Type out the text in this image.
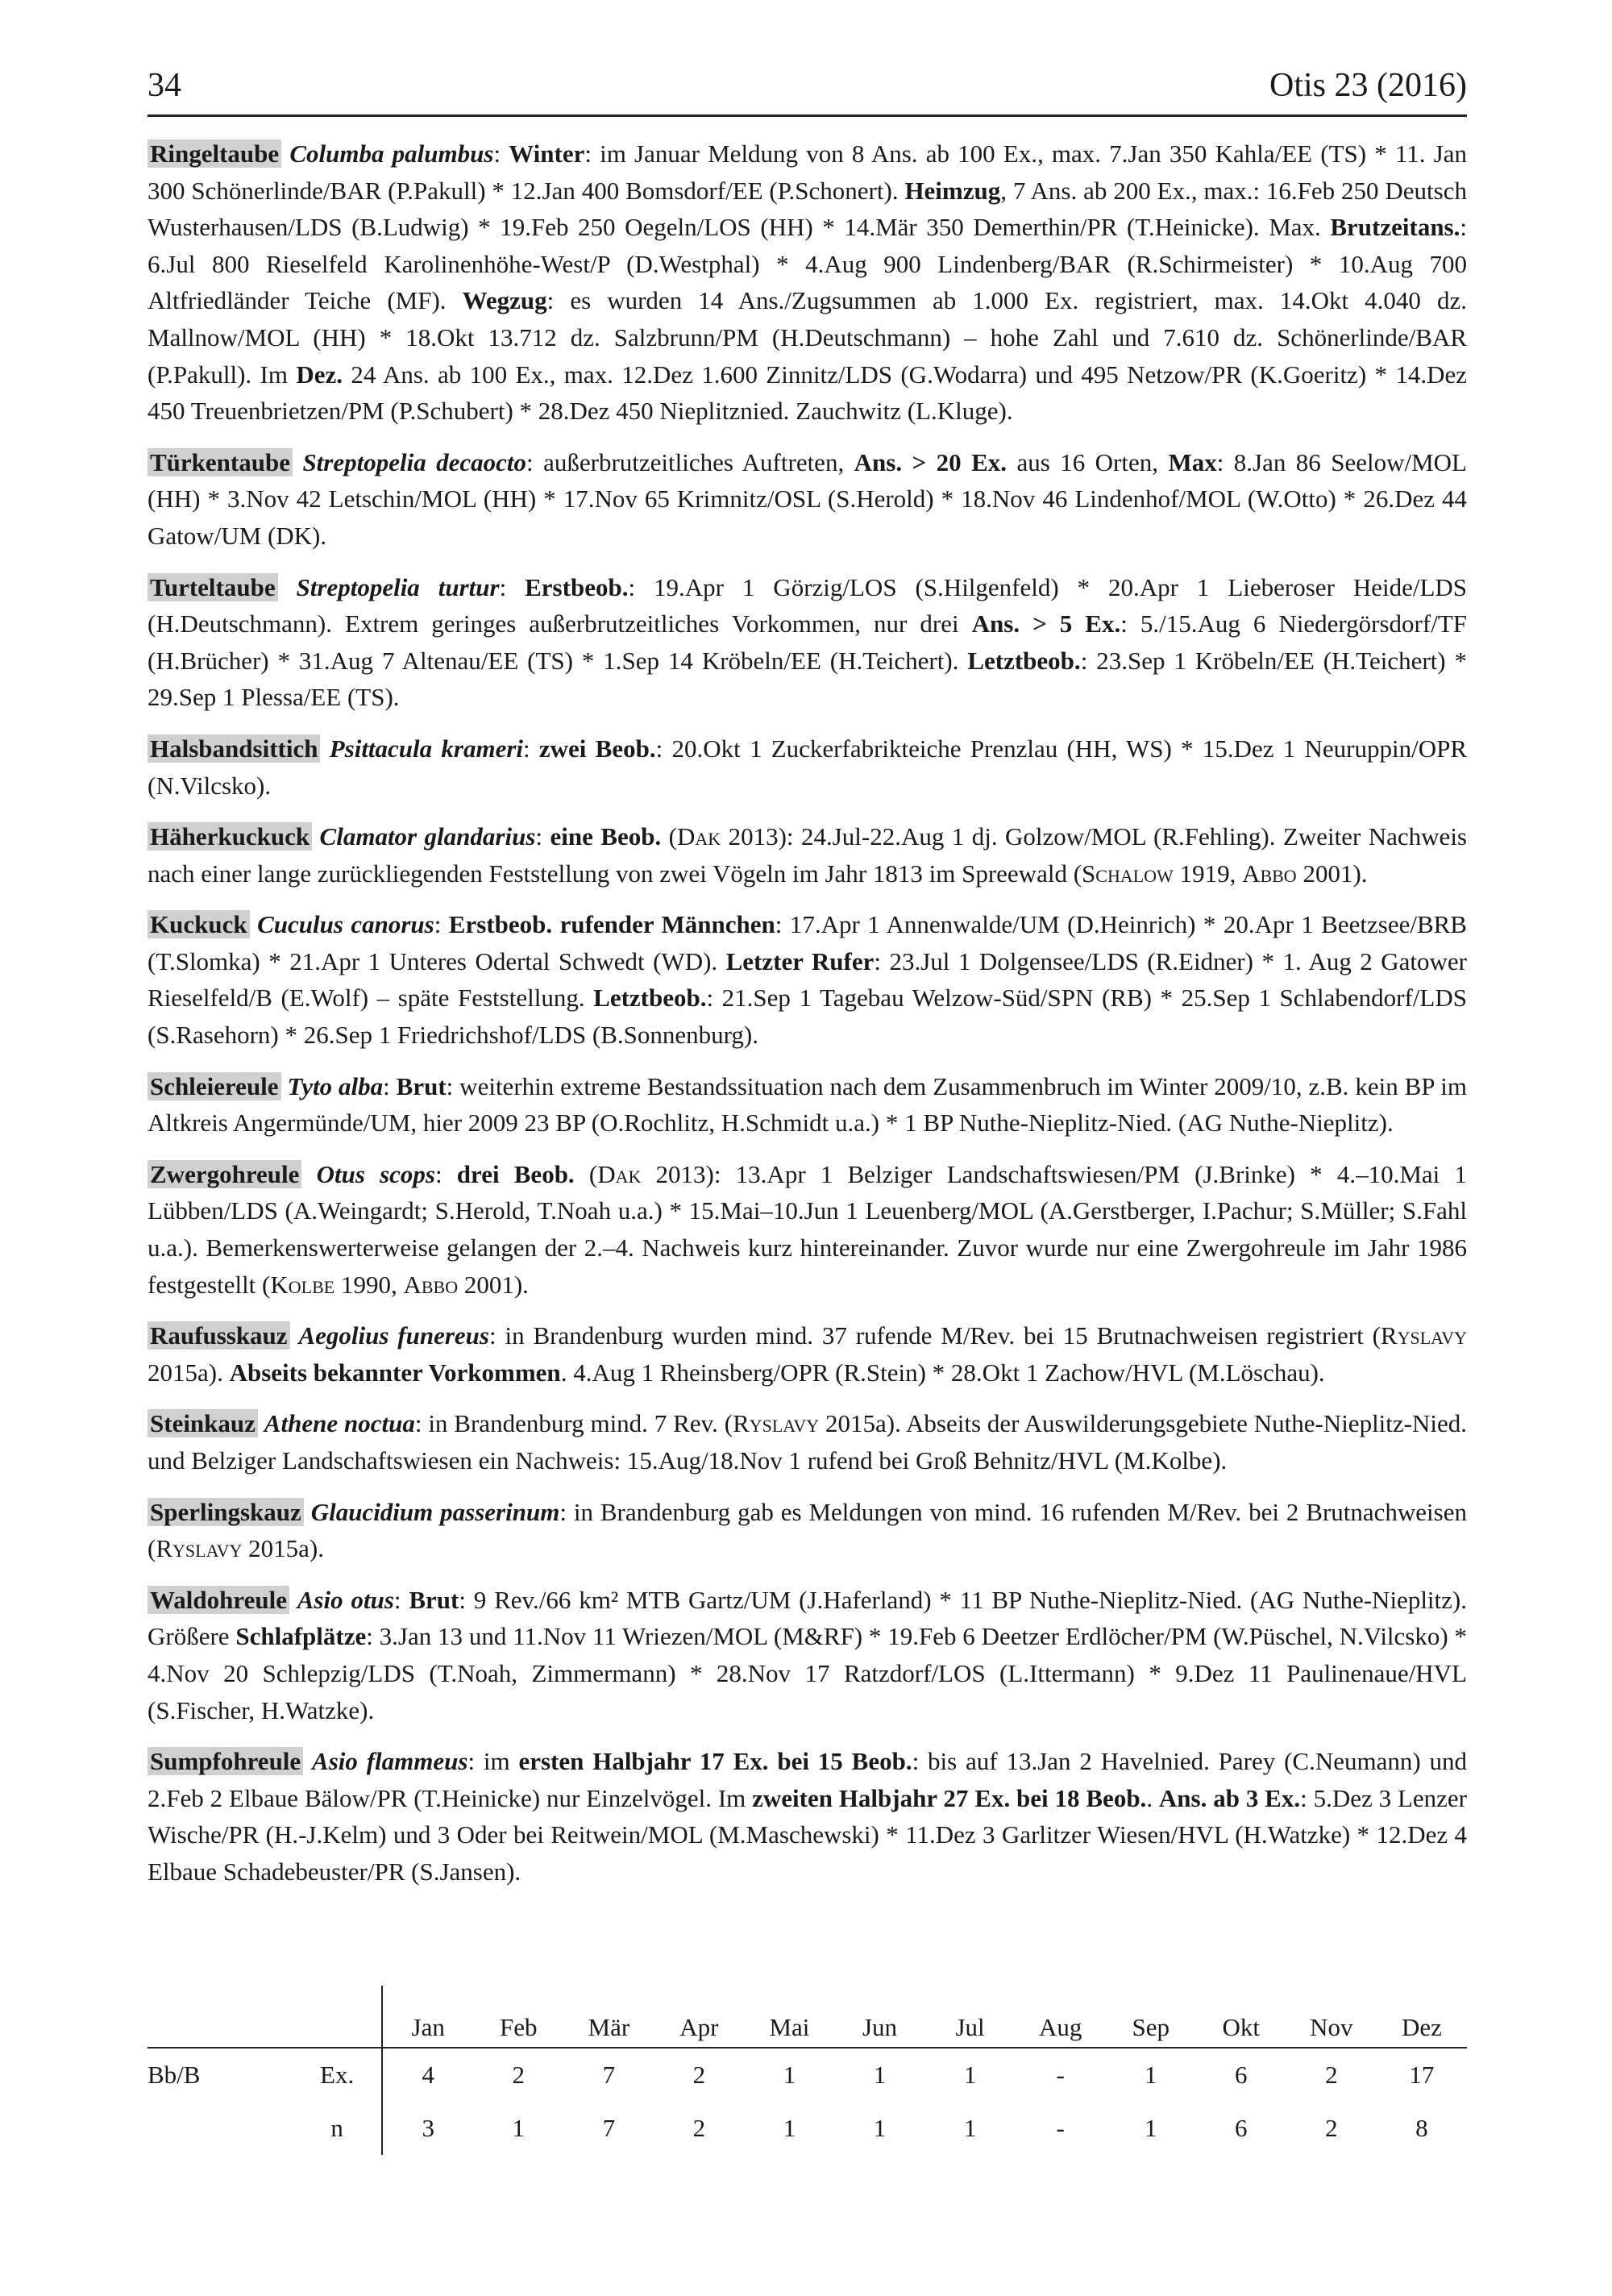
34	Otis 23 (2016)

Ringeltaube Columba palumbus: Winter: im Januar Meldung von 8 Ans. ab 100 Ex., max. 7.Jan 350 Kahla/EE (TS) * 11. Jan 300 Schönerlinde/BAR (P.Pakull) * 12.Jan 400 Bomsdorf/EE (P.Schonert). Heimzug, 7 Ans. ab 200 Ex., max.: 16.Feb 250 Deutsch Wusterhausen/LDS (B.Ludwig) * 19.Feb 250 Oegeln/LOS (HH) * 14.Mär 350 Demerthin/PR (T.Heinicke). Max. Brutzeitans.: 6.Jul 800 Rieselfeld Karolinenhöhe-West/P (D.Westphal) * 4.Aug 900 Lindenberg/BAR (R.Schirmeister) * 10.Aug 700 Altfriedländer Teiche (MF). Wegzug: es wurden 14 Ans./Zugsummen ab 1.000 Ex. registriert, max. 14.Okt 4.040 dz. Mallnow/MOL (HH) * 18.Okt 13.712 dz. Salzbrunn/PM (H.Deutschmann) – hohe Zahl und 7.610 dz. Schönerlinde/BAR (P.Pakull). Im Dez. 24 Ans. ab 100 Ex., max. 12.Dez 1.600 Zinnitz/LDS (G.Wodarra) und 495 Netzow/PR (K.Goeritz) * 14.Dez 450 Treuenbrietzen/PM (P.Schubert) * 28.Dez 450 Nieplitznied. Zauchwitz (L.Kluge).

Türkentaube Streptopelia decaocto: außerbrutzeitliches Auftreten, Ans. > 20 Ex. aus 16 Orten, Max: 8.Jan 86 Seelow/MOL (HH) * 3.Nov 42 Letschin/MOL (HH) * 17.Nov 65 Krimnitz/OSL (S.Herold) * 18.Nov 46 Lindenhof/MOL (W.Otto) * 26.Dez 44 Gatow/UM (DK).

Turteltaube Streptopelia turtur: Erstbeob.: 19.Apr 1 Görzig/LOS (S.Hilgenfeld) * 20.Apr 1 Lieberoser Heide/LDS (H.Deutschmann). Extrem geringes außerbrutzeitliches Vorkommen, nur drei Ans. > 5 Ex.: 5./15.Aug 6 Niedergörsdorf/TF (H.Brücher) * 31.Aug 7 Altenau/EE (TS) * 1.Sep 14 Kröbeln/EE (H.Teichert). Letztbeob.: 23.Sep 1 Kröbeln/EE (H.Teichert) * 29.Sep 1 Plessa/EE (TS).

Halsbandsittich Psittacula krameri: zwei Beob.: 20.Okt 1 Zuckerfabrikteiche Prenzlau (HH, WS) * 15.Dez 1 Neuruppin/OPR (N.Vilcsko).

Häherkuckuck Clamator glandarius: eine Beob. (Dak 2013): 24.Jul-22.Aug 1 dj. Golzow/MOL (R.Fehling). Zweiter Nachweis nach einer lange zurückliegenden Feststellung von zwei Vögeln im Jahr 1813 im Spreewald (Schalow 1919, Abbo 2001).

Kuckuck Cuculus canorus: Erstbeob. rufender Männchen: 17.Apr 1 Annenwalde/UM (D.Heinrich) * 20.Apr 1 Beetzsee/BRB (T.Slomka) * 21.Apr 1 Unteres Odertal Schwedt (WD). Letzter Rufer: 23.Jul 1 Dolgensee/LDS (R.Eidner) * 1. Aug 2 Gatower Rieselfeld/B (E.Wolf) – späte Feststellung. Letztbeob.: 21.Sep 1 Tagebau Welzow-Süd/SPN (RB) * 25.Sep 1 Schlabendorf/LDS (S.Rasehorn) * 26.Sep 1 Friedrichshof/LDS (B.Sonnenburg).

Schleiereule Tyto alba: Brut: weiterhin extreme Bestandssituation nach dem Zusammenbruch im Winter 2009/10, z.B. kein BP im Altkreis Angermünde/UM, hier 2009 23 BP (O.Rochlitz, H.Schmidt u.a.) * 1 BP Nuthe-Nieplitz-Nied. (AG Nuthe-Nieplitz).

Zwergohreule Otus scops: drei Beob. (Dak 2013): 13.Apr 1 Belziger Landschaftswiesen/PM (J.Brinke) * 4.–10.Mai 1 Lübben/LDS (A.Weingardt; S.Herold, T.Noah u.a.) * 15.Mai–10.Jun 1 Leuenberg/MOL (A.Gerstberger, I.Pachur; S.Müller; S.Fahl u.a.). Bemerkenswerterweise gelangen der 2.–4. Nachweis kurz hintereinander. Zuvor wurde nur eine Zwergohreule im Jahr 1986 festgestellt (Kolbe 1990, Abbo 2001).

Raufusskauz Aegolius funereus: in Brandenburg wurden mind. 37 rufende M/Rev. bei 15 Brutnachweisen registriert (Ryslavy 2015a). Abseits bekannter Vorkommen. 4.Aug 1 Rheinsberg/OPR (R.Stein) * 28.Okt 1 Zachow/HVL (M.Löschau).

Steinkauz Athene noctua: in Brandenburg mind. 7 Rev. (Ryslavy 2015a). Abseits der Auswilderungsgebiete Nuthe-Nieplitz-Nied. und Belziger Landschaftswiesen ein Nachweis: 15.Aug/18.Nov 1 rufend bei Groß Behnitz/HVL (M.Kolbe).

Sperlingskauz Glaucidium passerinum: in Brandenburg gab es Meldungen von mind. 16 rufenden M/Rev. bei 2 Brutnachweisen (Ryslavy 2015a).

Waldohreule Asio otus: Brut: 9 Rev./66 km² MTB Gartz/UM (J.Haferland) * 11 BP Nuthe-Nieplitz-Nied. (AG Nuthe-Nieplitz). Größere Schlafplätze: 3.Jan 13 und 11.Nov 11 Wriezen/MOL (M&RF) * 19.Feb 6 Deetzer Erdlöcher/PM (W.Püschel, N.Vilcsko) * 4.Nov 20 Schlepzig/LDS (T.Noah, Zimmermann) * 28.Nov 17 Ratzdorf/LOS (L.Ittermann) * 9.Dez 11 Paulinenaue/HVL (S.Fischer, H.Watzke).

Sumpfohreule Asio flammeus: im ersten Halbjahr 17 Ex. bei 15 Beob.: bis auf 13.Jan 2 Havelnied. Parey (C.Neumann) und 2.Feb 2 Elbaue Bälow/PR (T.Heinicke) nur Einzelvögel. Im zweiten Halbjahr 27 Ex. bei 18 Beob.. Ans. ab 3 Ex.: 5.Dez 3 Lenzer Wische/PR (H.-J.Kelm) und 3 Oder bei Reitwein/MOL (M.Maschewski) * 11.Dez 3 Garlitzer Wiesen/HVL (H.Watzke) * 12.Dez 4 Elbaue Schadebeuster/PR (S.Jansen).

		Jan	Feb	Mär	Apr	Mai	Jun	Jul	Aug	Sep	Okt	Nov	Dez
Bb/B	Ex.	4	2	7	2	1	1	1	-	1	6	2	17
	n	3	1	7	2	1	1	1	-	1	6	2	8
